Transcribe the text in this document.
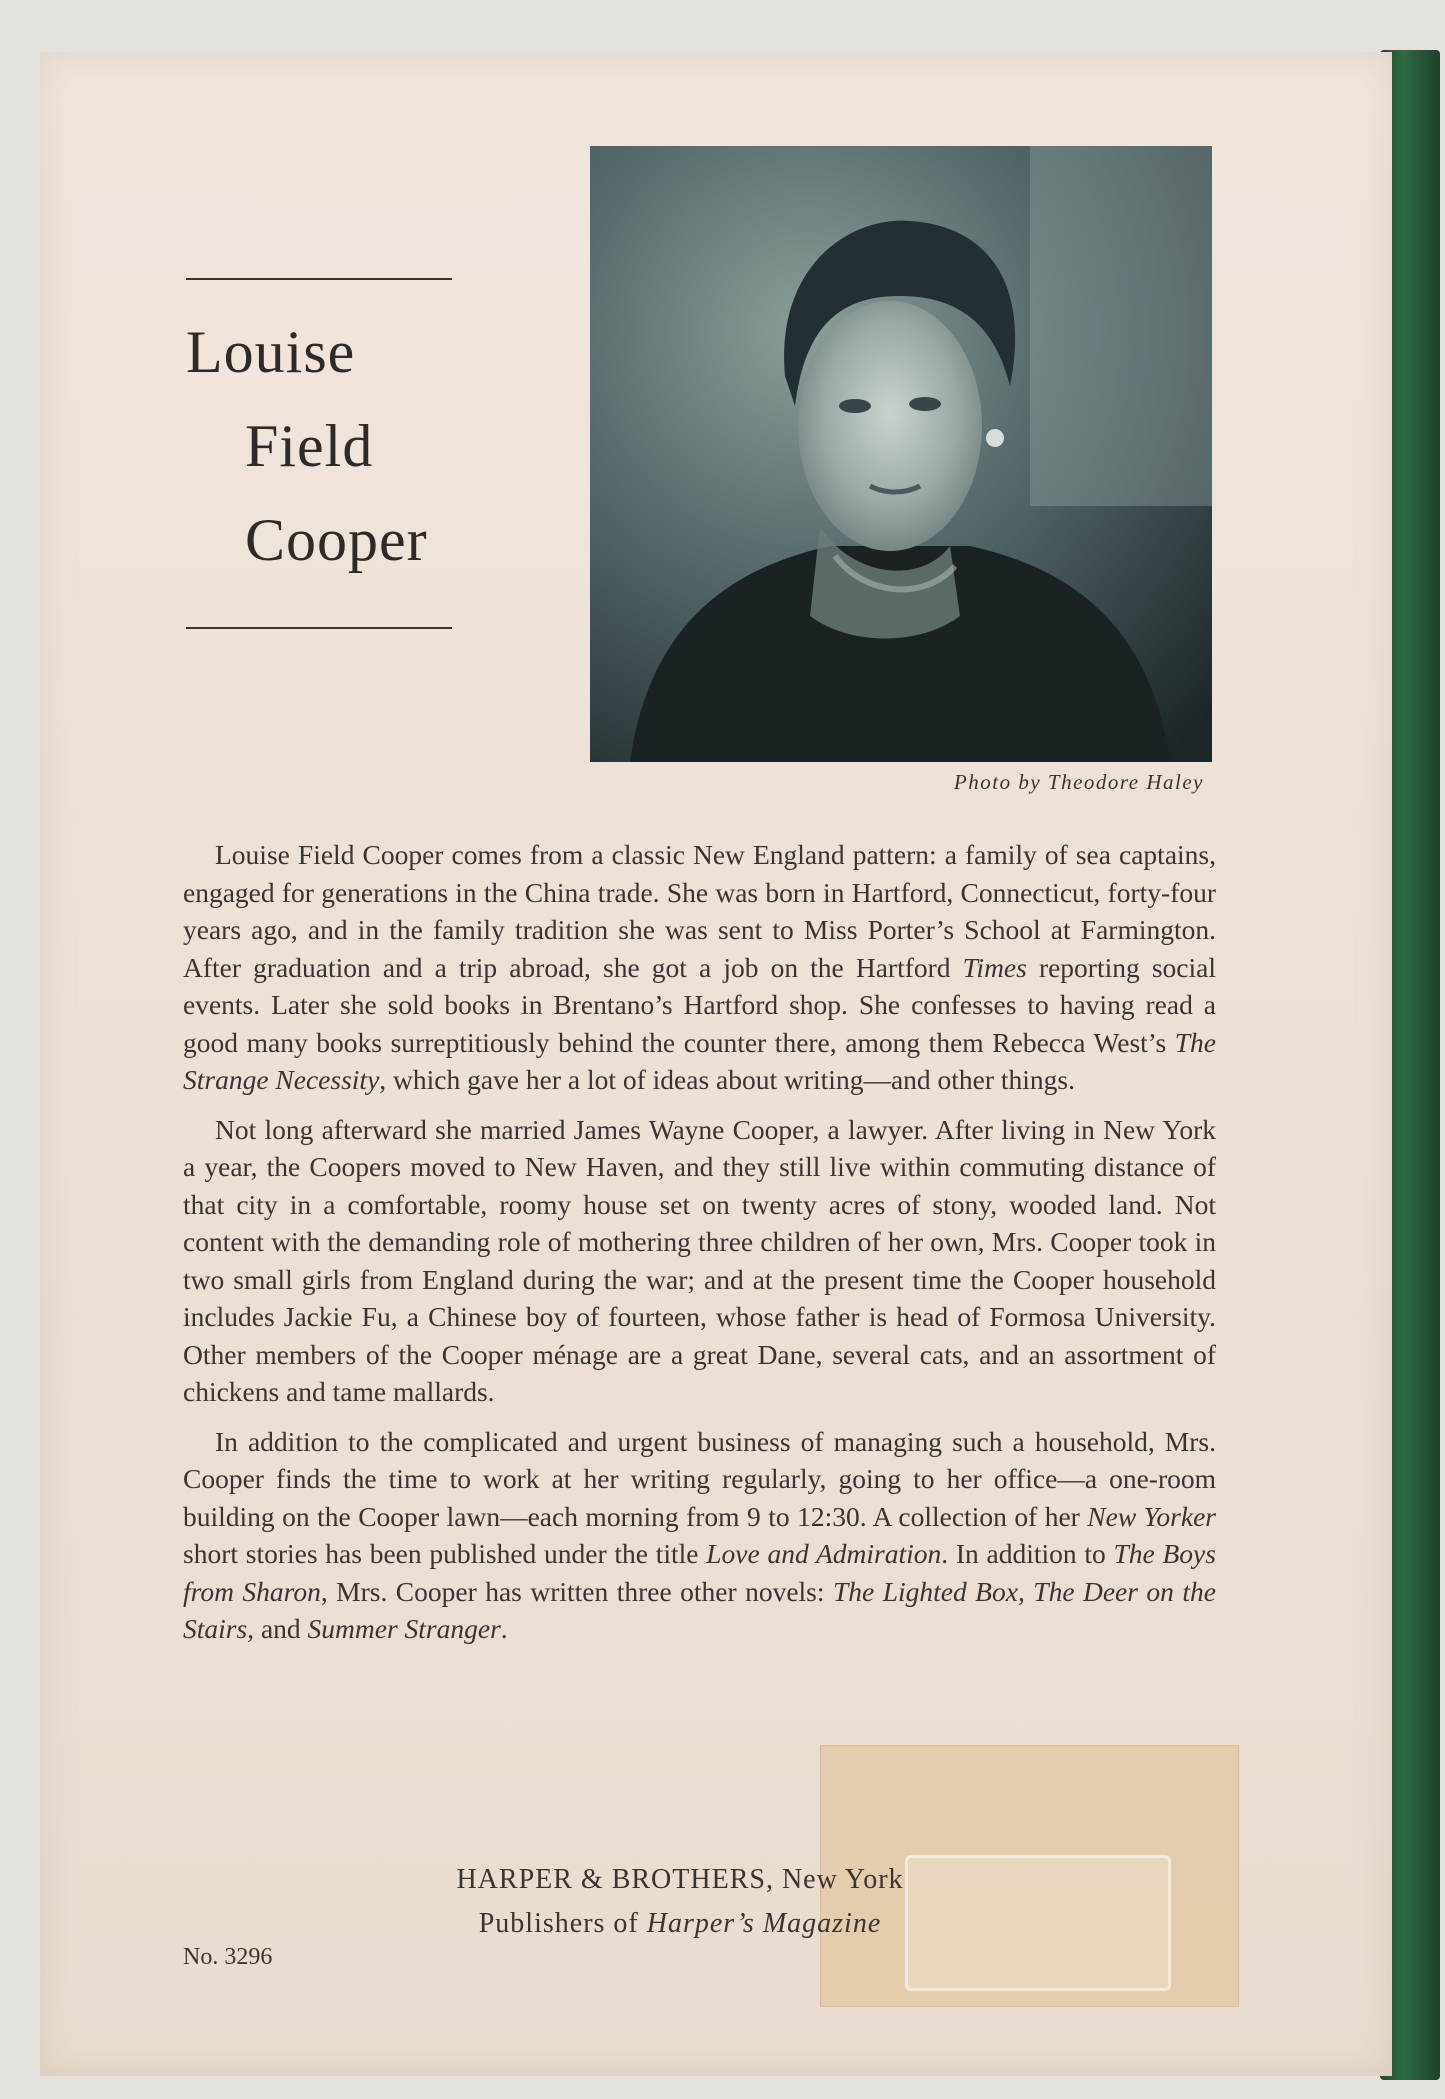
Louise
Field
Cooper
Photo by Theodore Haley

Louise Field Cooper comes from a classic New England pattern: a family of sea captains, engaged for generations in the China trade. She was born in Hartford, Connecticut, forty-four years ago, and in the family tradition she was sent to Miss Porter’s School at Farmington. After graduation and a trip abroad, she got a job on the Hartford Times reporting social events. Later she sold books in Brentano’s Hartford shop. She confesses to having read a good many books surreptitiously behind the counter there, among them Rebecca West’s The Strange Necessity, which gave her a lot of ideas about writing—and other things.

Not long afterward she married James Wayne Cooper, a lawyer. After living in New York a year, the Coopers moved to New Haven, and they still live within commuting distance of that city in a comfortable, roomy house set on twenty acres of stony, wooded land. Not content with the demanding role of mothering three children of her own, Mrs. Cooper took in two small girls from England during the war; and at the present time the Cooper household includes Jackie Fu, a Chinese boy of fourteen, whose father is head of Formosa University. Other members of the Cooper ménage are a great Dane, several cats, and an assortment of chickens and tame mallards.

In addition to the complicated and urgent business of managing such a household, Mrs. Cooper finds the time to work at her writing regularly, going to her office—a one-room building on the Cooper lawn—each morning from 9 to 12:30. A collection of her New Yorker short stories has been published under the title Love and Admiration. In addition to The Boys from Sharon, Mrs. Cooper has written three other novels: The Lighted Box, The Deer on the Stairs, and Summer Stranger.

HARPER & BROTHERS, New York
Publishers of Harper’s Magazine
No. 3296
